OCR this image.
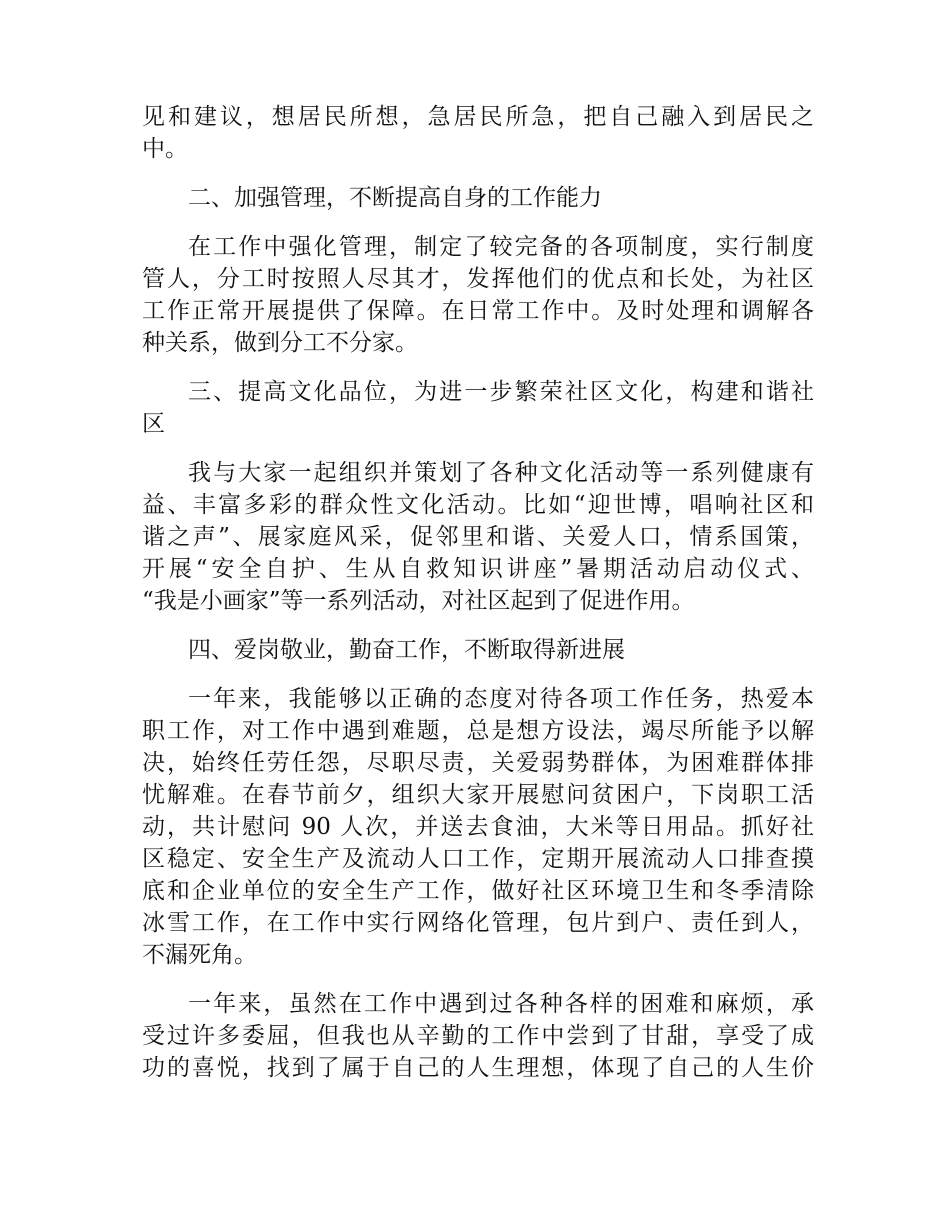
见和建议，想居民所想，急居民所急，把自己融入到居民之
中。
二、加强管理，不断提高自身的工作能力
在工作中强化管理，制定了较完备的各项制度，实行制度
管人，分工时按照人尽其才，发挥他们的优点和长处，为社区
工作正常开展提供了保障。在日常工作中。及时处理和调解各
种关系，做到分工不分家。
三、提高文化品位，为进一步繁荣社区文化，构建和谐社
区
我与大家一起组织并策划了各种文化活动等一系列健康有
益、丰富多彩的群众性文化活动。比如“迎世博，唱响社区和
谐之声”、展家庭风采，促邻里和谐、关爱人口，情系国策，
开展“安全自护、生从自救知识讲座”暑期活动启动仪式、
“我是小画家”等一系列活动，对社区起到了促进作用。
四、爱岗敬业，勤奋工作，不断取得新进展
一年来，我能够以正确的态度对待各项工作任务，热爱本
职工作，对工作中遇到难题，总是想方设法，竭尽所能予以解
决，始终任劳任怨，尽职尽责，关爱弱势群体，为困难群体排
忧解难。在春节前夕，组织大家开展慰问贫困户，下岗职工活
动，共计慰问 90 人次，并送去食油，大米等日用品。抓好社
区稳定、安全生产及流动人口工作，定期开展流动人口排查摸
底和企业单位的安全生产工作，做好社区环境卫生和冬季清除
冰雪工作，在工作中实行网络化管理，包片到户、责任到人，
不漏死角。
一年来，虽然在工作中遇到过各种各样的困难和麻烦，承
受过许多委屈，但我也从辛勤的工作中尝到了甘甜，享受了成
功的喜悦，找到了属于自己的人生理想，体现了自己的人生价
